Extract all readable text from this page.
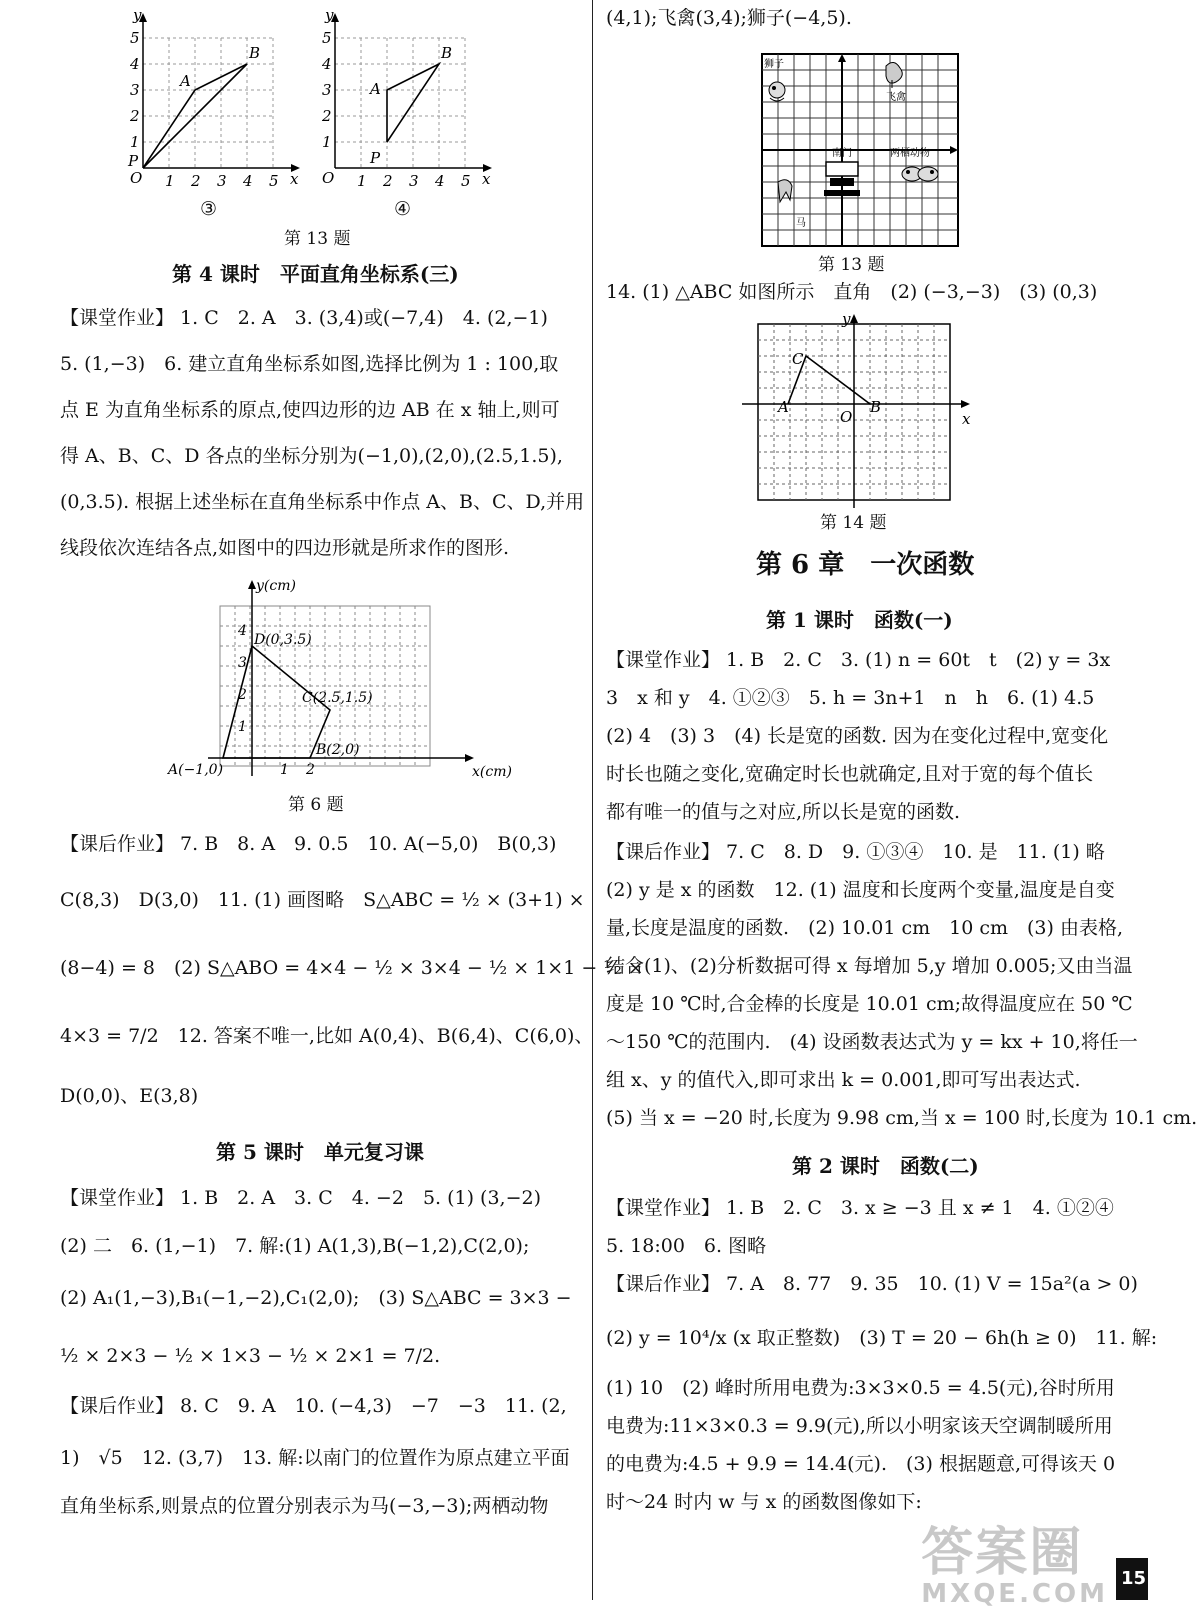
O 1 2 3 4 5
1
2
3
4
5
x
y
A
B
P
③
O 1 2 3 4 5
1
2
3
4
5
x
y
A
B
P
④
第 13 题
第 4 课时　平面直角坐标系(三)
【课堂作业】 1. C　2. A　3. (3,4)或(−7,4)　4. (2,−1)
5. (1,−3)　6. 建立直角坐标系如图,选择比例为 1 : 100,取
点 E 为直角坐标系的原点,使四边形的边 AB 在 x 轴上,则可
得 A、B、C、D 各点的坐标分别为(−1,0),(2,0),(2.5,1.5),
(0,3.5). 根据上述坐标在直角坐标系中作点 A、B、C、D,并用
线段依次连结各点,如图中的四边形就是所求作的图形.
y(cm)
x(cm)
1
2
3
4
1 2
D(0,3.5)
C(2.5,1.5)
B(2,0)
A(−1,0)
第 6 题
【课后作业】 7. B　8. A　9. 0.5　10. A(−5,0)　B(0,3)
C(8,3)　D(3,0)　11. (1) 画图略　S△ABC = ½ × (3+1) ×
(8−4) = 8　(2) S△ABO = 4×4 − ½ × 3×4 − ½ × 1×1 − ½ ×
4×3 = 7/2　12. 答案不唯一,比如 A(0,4)、B(6,4)、C(6,0)、
D(0,0)、E(3,8)
第 5 课时　单元复习课
【课堂作业】 1. B　2. A　3. C　4. −2　5. (1) (3,−2)
(2) 二　6. (1,−1)　7. 解:(1) A(1,3),B(−1,2),C(2,0);
(2) A₁(1,−3),B₁(−1,−2),C₁(2,0);　(3) S△ABC = 3×3 −
½ × 2×3 − ½ × 1×3 − ½ × 2×1 = 7/2.
【课后作业】 8. C　9. A　10. (−4,3)　−7　−3　11. (2,
1)　√5　12. (3,7)　13. 解:以南门的位置作为原点建立平面
直角坐标系,则景点的位置分别表示为马(−3,−3);两栖动物
(4,1);飞禽(3,4);狮子(−4,5).
狮子
飞禽
南门	两栖动物
马
第 13 题
14. (1) △ABC 如图所示　直角　(2) (−3,−3)　(3) (0,3)
y
x
O
A	B
C
第 14 题
第 6 章　一次函数
第 1 课时　函数(一)
【课堂作业】 1. B　2. C　3. (1) n = 60t　t　(2) y = 3x
3　x 和 y　4. ①②③　5. h = 3n+1　n　h　6. (1) 4.5
(2) 4　(3) 3　(4) 长是宽的函数. 因为在变化过程中,宽变化
时长也随之变化,宽确定时长也就确定,且对于宽的每个值长
都有唯一的值与之对应,所以长是宽的函数.
【课后作业】 7. C　8. D　9. ①③④　10. 是　11. (1) 略
(2) y 是 x 的函数　12. (1) 温度和长度两个变量,温度是自变
量,长度是温度的函数.　(2) 10.01 cm　10 cm　(3) 由表格,
结合(1)、(2)分析数据可得 x 每增加 5,y 增加 0.005;又由当温
度是 10 ℃时,合金棒的长度是 10.01 cm;故得温度应在 50 ℃
～150 ℃的范围内.　(4) 设函数表达式为 y = kx + 10,将任一
组 x、y 的值代入,即可求出 k = 0.001,即可写出表达式.
(5) 当 x = −20 时,长度为 9.98 cm,当 x = 100 时,长度为 10.1 cm.
第 2 课时　函数(二)
【课堂作业】 1. B　2. C　3. x ≥ −3 且 x ≠ 1　4. ①②④
5. 18:00　6. 图略
【课后作业】 7. A　8. 77　9. 35　10. (1) V = 15a²(a > 0)
(2) y = 10⁴/x (x 取正整数)　(3) T = 20 − 6h(h ≥ 0)　11. 解:
(1) 10　(2) 峰时所用电费为:3×3×0.5 = 4.5(元),谷时所用
电费为:11×3×0.3 = 9.9(元),所以小明家该天空调制暖所用
的电费为:4.5 + 9.9 = 14.4(元).　(3) 根据题意,可得该天 0
时～24 时内 w 与 x 的函数图像如下:
答案圈
MXQE.COM
15
